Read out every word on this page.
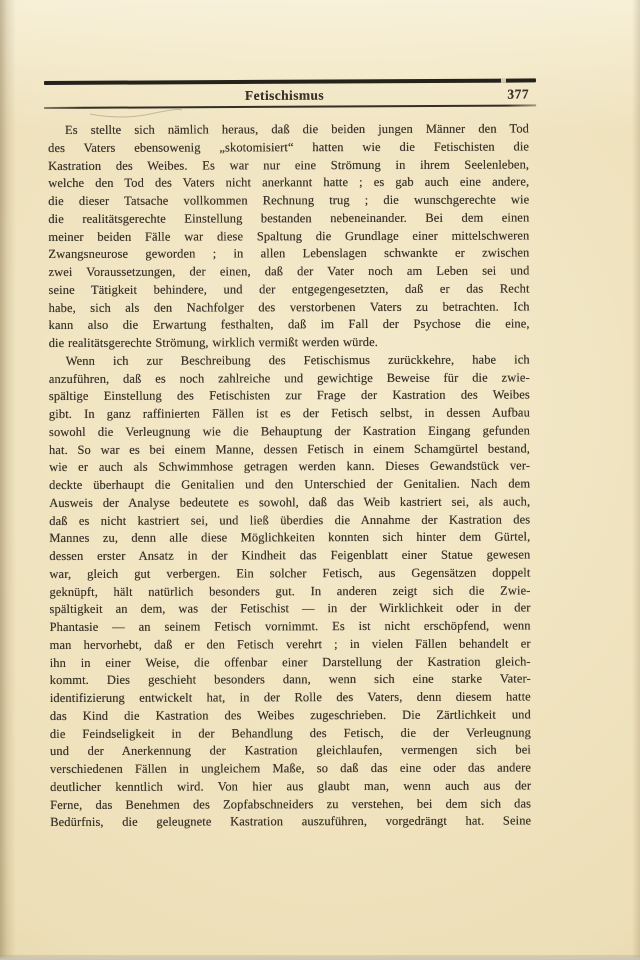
Fetischismus	377
Es stellte sich nämlich heraus, daß die beiden jungen Männer den Tod
des Vaters ebensowenig „skotomisiert“ hatten wie die Fetischisten die
Kastration des Weibes. Es war nur eine Strömung in ihrem Seelenleben,
welche den Tod des Vaters nicht anerkannt hatte ; es gab auch eine andere,
die dieser Tatsache vollkommen Rechnung trug ; die wunschgerechte wie
die realitätsgerechte Einstellung bestanden nebeneinander. Bei dem einen
meiner beiden Fälle war diese Spaltung die Grundlage einer mittelschweren
Zwangsneurose geworden ; in allen Lebenslagen schwankte er zwischen
zwei Voraussetzungen, der einen, daß der Vater noch am Leben sei und
seine Tätigkeit behindere, und der entgegengesetzten, daß er das Recht
habe, sich als den Nachfolger des verstorbenen Vaters zu betrachten. Ich
kann also die Erwartung festhalten, daß im Fall der Psychose die eine,
die realitätsgerechte Strömung, wirklich vermißt werden würde.
Wenn ich zur Beschreibung des Fetischismus zurückkehre, habe ich
anzuführen, daß es noch zahlreiche und gewichtige Beweise für die zwie-
spältige Einstellung des Fetischisten zur Frage der Kastration des Weibes
gibt. In ganz raffinierten Fällen ist es der Fetisch selbst, in dessen Aufbau
sowohl die Verleugnung wie die Behauptung der Kastration Eingang gefunden
hat. So war es bei einem Manne, dessen Fetisch in einem Schamgürtel bestand,
wie er auch als Schwimmhose getragen werden kann. Dieses Gewandstück ver-
deckte überhaupt die Genitalien und den Unterschied der Genitalien. Nach dem
Ausweis der Analyse bedeutete es sowohl, daß das Weib kastriert sei, als auch,
daß es nicht kastriert sei, und ließ überdies die Annahme der Kastration des
Mannes zu, denn alle diese Möglichkeiten konnten sich hinter dem Gürtel,
dessen erster Ansatz in der Kindheit das Feigenblatt einer Statue gewesen
war, gleich gut verbergen. Ein solcher Fetisch, aus Gegensätzen doppelt
geknüpft, hält natürlich besonders gut. In anderen zeigt sich die Zwie-
spältigkeit an dem, was der Fetischist — in der Wirklichkeit oder in der
Phantasie — an seinem Fetisch vornimmt. Es ist nicht erschöpfend, wenn
man hervorhebt, daß er den Fetisch verehrt ; in vielen Fällen behandelt er
ihn in einer Weise, die offenbar einer Darstellung der Kastration gleich-
kommt. Dies geschieht besonders dann, wenn sich eine starke Vater-
identifizierung entwickelt hat, in der Rolle des Vaters, denn diesem hatte
das Kind die Kastration des Weibes zugeschrieben. Die Zärtlichkeit und
die Feindseligkeit in der Behandlung des Fetisch, die der Verleugnung
und der Anerkennung der Kastration gleichlaufen, vermengen sich bei
verschiedenen Fällen in ungleichem Maße, so daß das eine oder das andere
deutlicher kenntlich wird. Von hier aus glaubt man, wenn auch aus der
Ferne, das Benehmen des Zopfabschneiders zu verstehen, bei dem sich das
Bedürfnis, die geleugnete Kastration auszuführen, vorgedrängt hat. Seine
